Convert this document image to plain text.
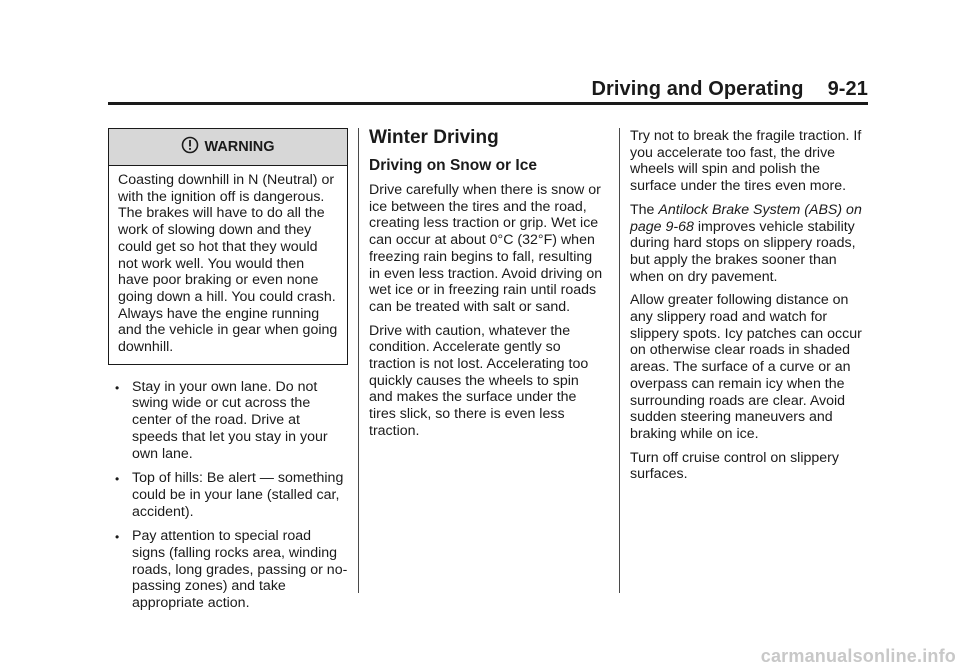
Driving and Operating 9-21
WARNING

Coasting downhill in N (Neutral) or with the ignition off is dangerous. The brakes will have to do all the work of slowing down and they could get so hot that they would not work well. You would then have poor braking or even none going down a hill. You could crash. Always have the engine running and the vehicle in gear when going downhill.

• Stay in your own lane. Do not swing wide or cut across the center of the road. Drive at speeds that let you stay in your own lane.
• Top of hills: Be alert — something could be in your lane (stalled car, accident).
• Pay attention to special road signs (falling rocks area, winding roads, long grades, passing or no-passing zones) and take appropriate action.
Winter Driving
Driving on Snow or Ice

Drive carefully when there is snow or ice between the tires and the road, creating less traction or grip. Wet ice can occur at about 0°C (32°F) when freezing rain begins to fall, resulting in even less traction. Avoid driving on wet ice or in freezing rain until roads can be treated with salt or sand.

Drive with caution, whatever the condition. Accelerate gently so traction is not lost. Accelerating too quickly causes the wheels to spin and makes the surface under the tires slick, so there is even less traction.

Try not to break the fragile traction. If you accelerate too fast, the drive wheels will spin and polish the surface under the tires even more.

The Antilock Brake System (ABS) on page 9-68 improves vehicle stability during hard stops on slippery roads, but apply the brakes sooner than when on dry pavement.

Allow greater following distance on any slippery road and watch for slippery spots. Icy patches can occur on otherwise clear roads in shaded areas. The surface of a curve or an overpass can remain icy when the surrounding roads are clear. Avoid sudden steering maneuvers and braking while on ice.

Turn off cruise control on slippery surfaces.

carmanualsonline.info
